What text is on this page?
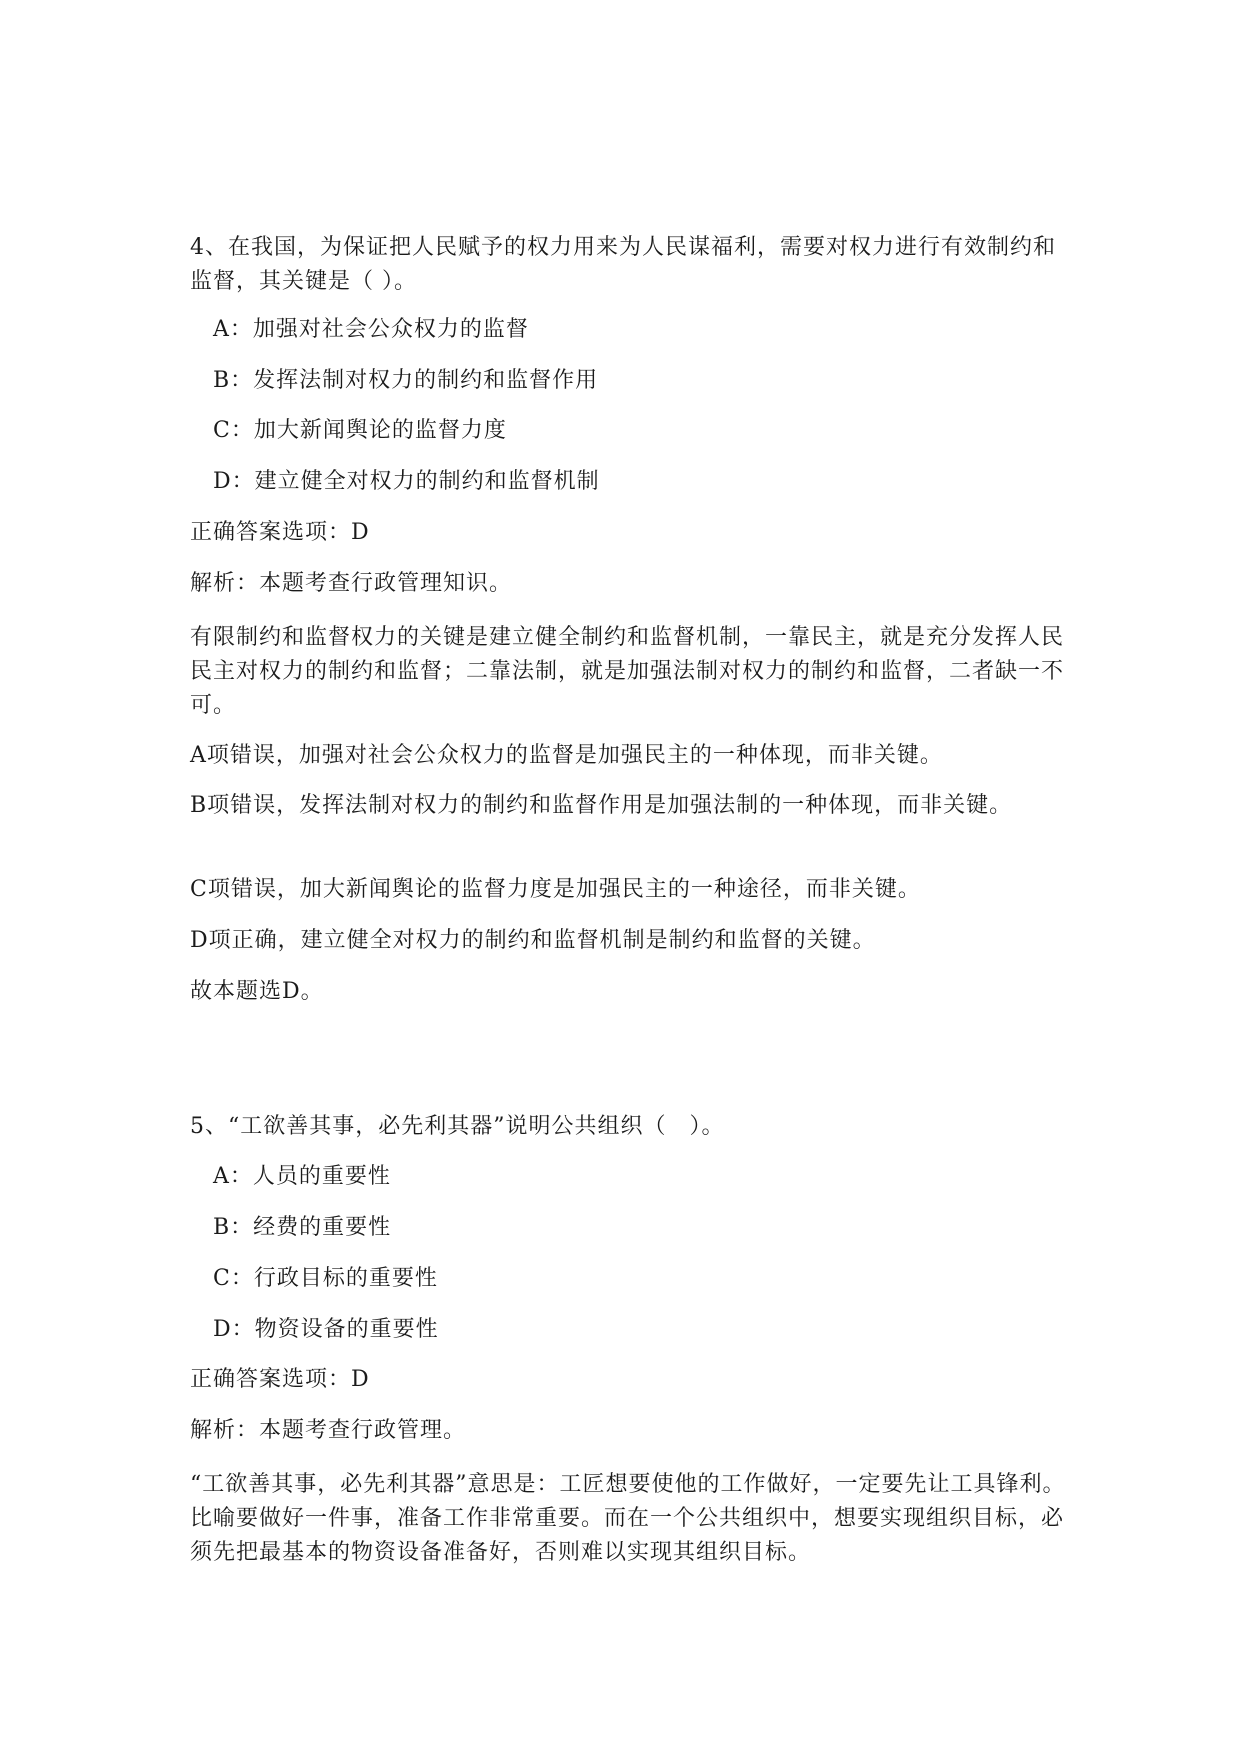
4、在我国，为保证把人民赋予的权力用来为人民谋福利，需要对权力进行有效制约和监督，其关键是（ ）。
A：加强对社会公众权力的监督
B：发挥法制对权力的制约和监督作用
C：加大新闻舆论的监督力度
D：建立健全对权力的制约和监督机制
正确答案选项：D
解析：本题考查行政管理知识。
有限制约和监督权力的关键是建立健全制约和监督机制，一靠民主，就是充分发挥人民民主对权力的制约和监督；二靠法制，就是加强法制对权力的制约和监督，二者缺一不可。
A项错误，加强对社会公众权力的监督是加强民主的一种体现，而非关键。
B项错误，发挥法制对权力的制约和监督作用是加强法制的一种体现，而非关键。
C项错误，加大新闻舆论的监督力度是加强民主的一种途径，而非关键。
D项正确，建立健全对权力的制约和监督机制是制约和监督的关键。
故本题选D。
5、“工欲善其事，必先利其器”说明公共组织（　）。
A：人员的重要性
B：经费的重要性
C：行政目标的重要性
D：物资设备的重要性
正确答案选项：D
解析：本题考查行政管理。
“工欲善其事，必先利其器”意思是：工匠想要使他的工作做好，一定要先让工具锋利。比喻要做好一件事，准备工作非常重要。而在一个公共组织中，想要实现组织目标，必须先把最基本的物资设备准备好，否则难以实现其组织目标。
